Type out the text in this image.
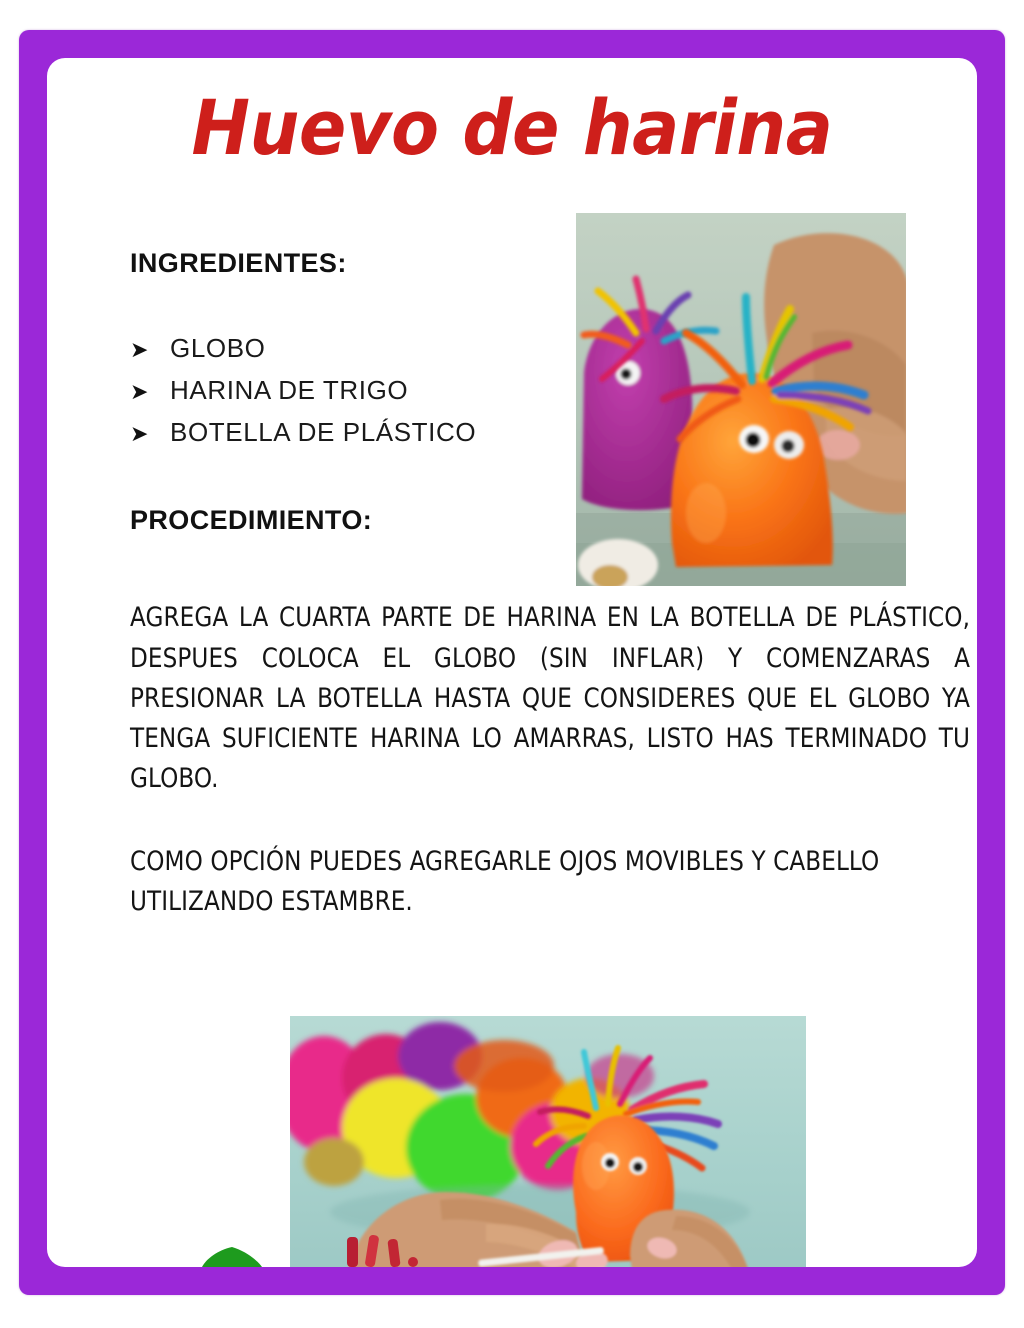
Huevo de harina
INGREDIENTES:
➤ GLOBO
➤ HARINA DE TRIGO
➤ BOTELLA DE PLÁSTICO
PROCEDIMIENTO:

AGREGA LA CUARTA PARTE DE HARINA EN LA BOTELLA DE PLÁSTICO, DESPUES COLOCA EL GLOBO (SIN INFLAR) Y COMENZARAS A PRESIONAR LA BOTELLA HASTA QUE CONSIDERES QUE EL GLOBO YA TENGA SUFICIENTE HARINA LO AMARRAS, LISTO HAS TERMINADO TU GLOBO.

COMO OPCIÓN PUEDES AGREGARLE OJOS MOVIBLES Y CABELLO UTILIZANDO ESTAMBRE.
